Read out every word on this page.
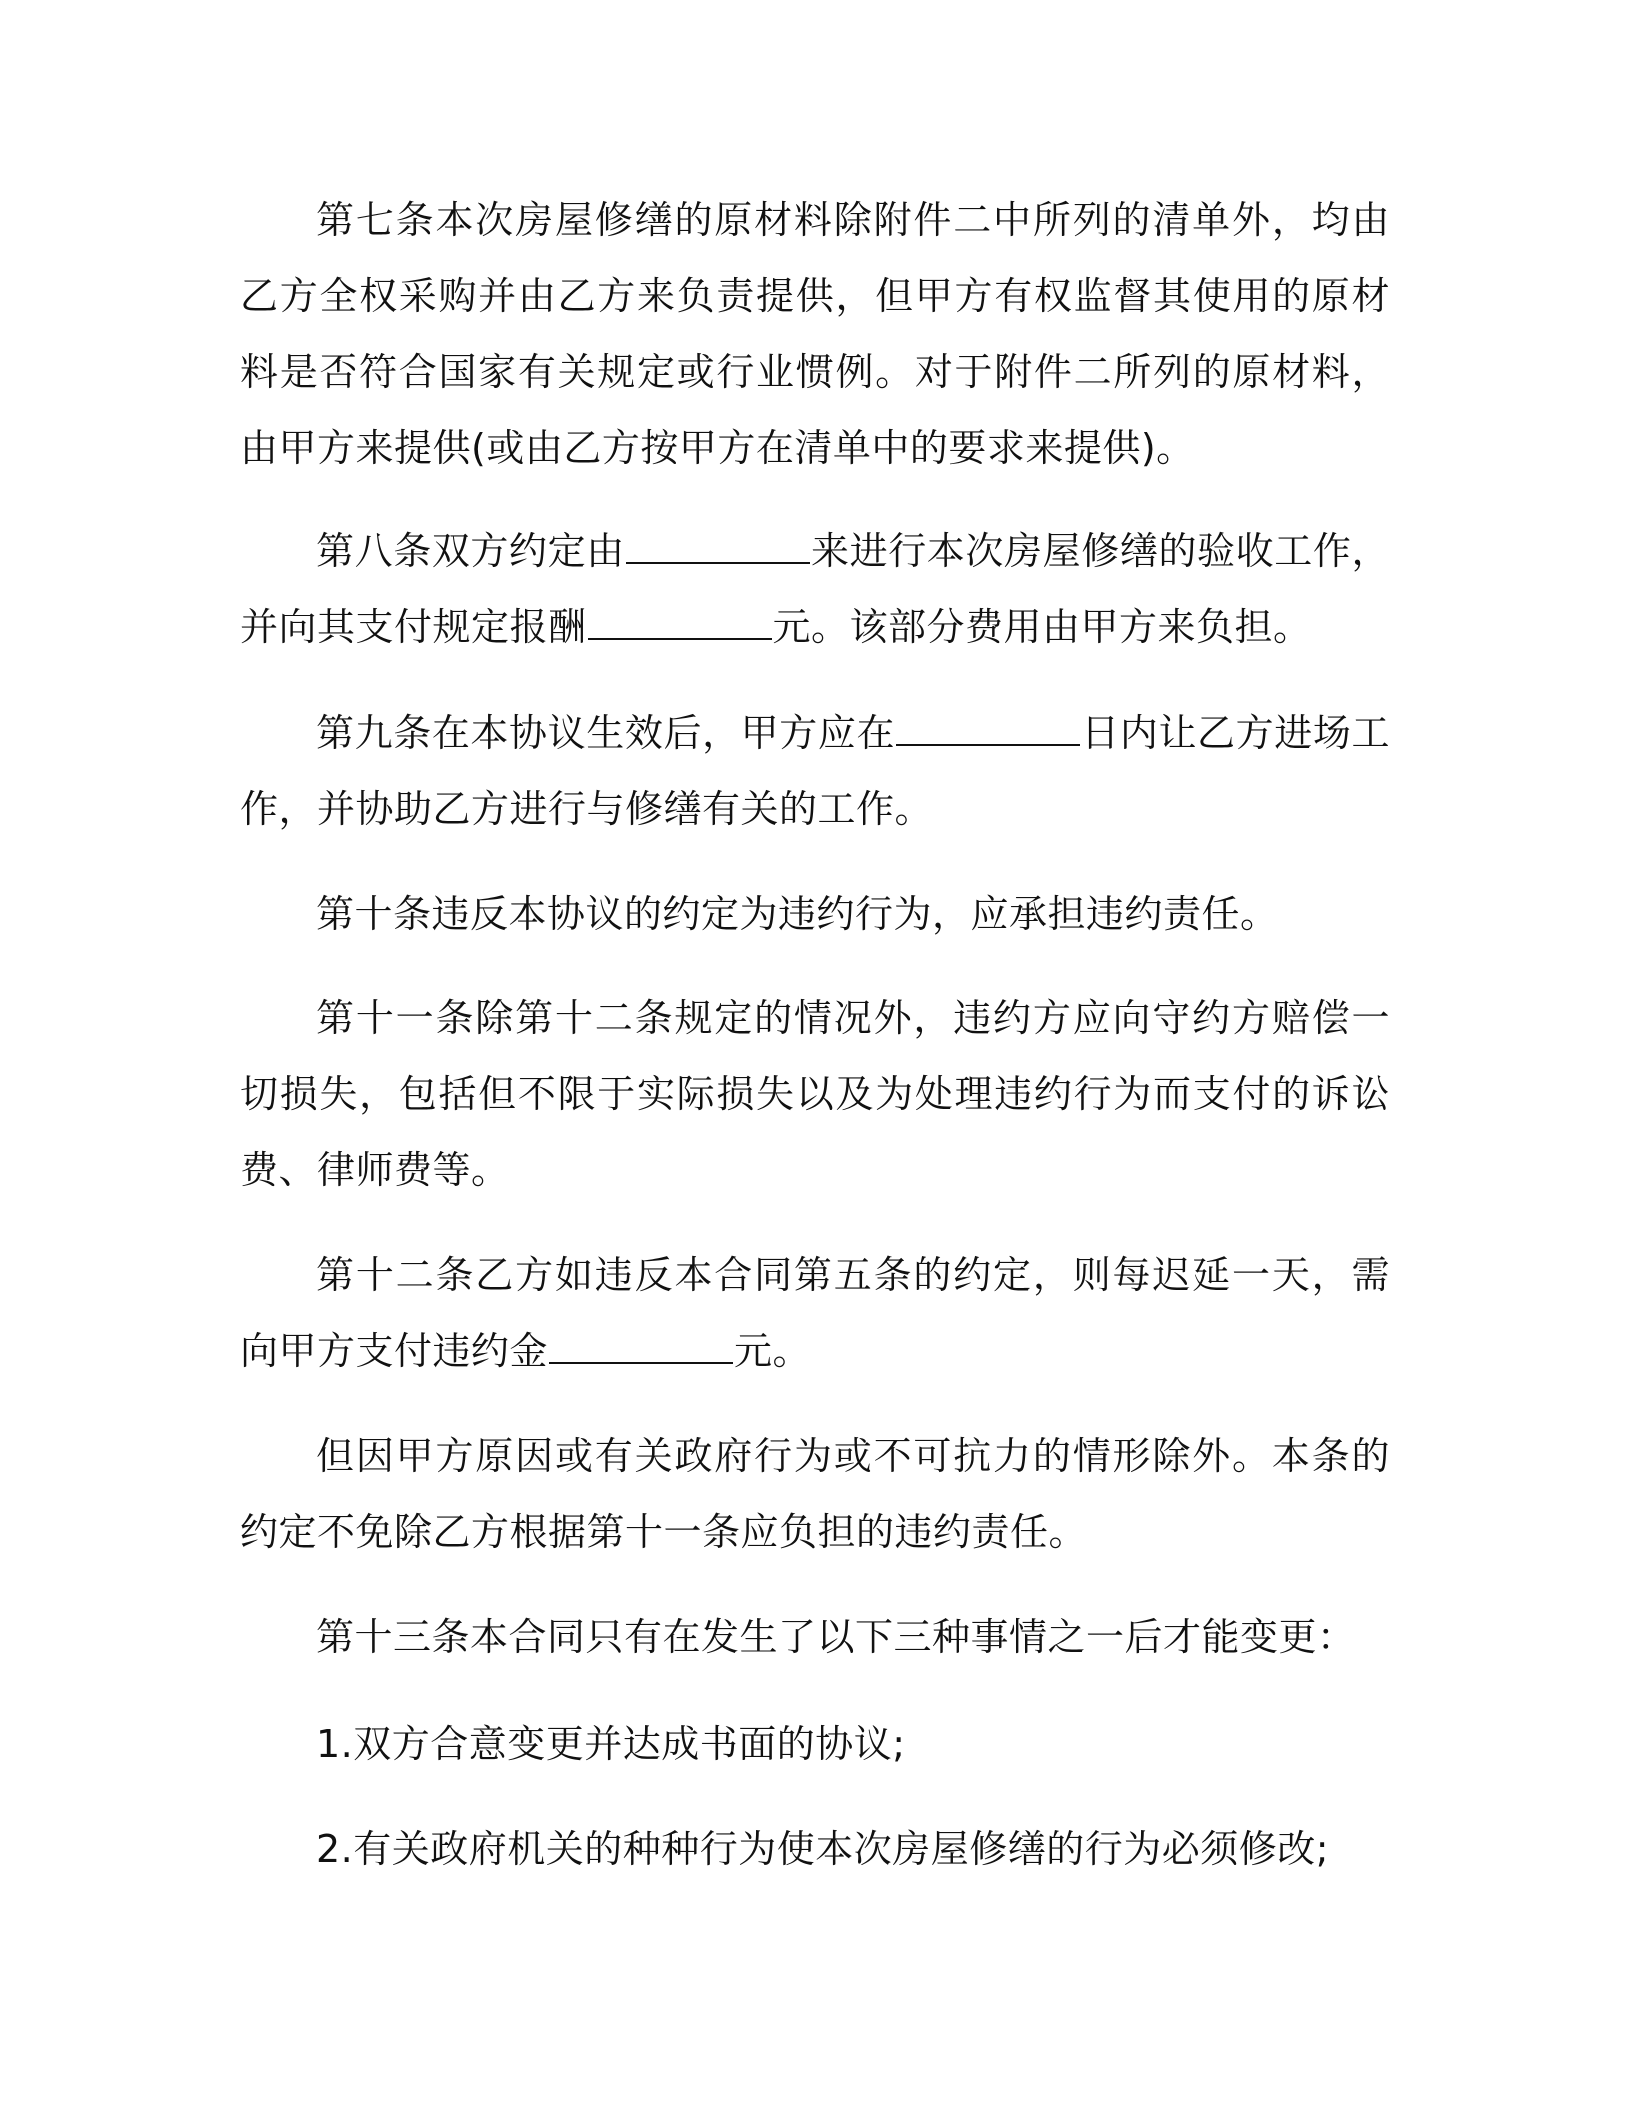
第七条本次房屋修缮的原材料除附件二中所列的清单外，均由乙方全权采购并由乙方来负责提供，但甲方有权监督其使用的原材料是否符合国家有关规定或行业惯例。对于附件二所列的原材料，由甲方来提供(或由乙方按甲方在清单中的要求来提供)。

第八条双方约定由	来进行本次房屋修缮的验收工作，并向其支付规定报酬	元。该部分费用由甲方来负担。

第九条在本协议生效后，甲方应在	日内让乙方进场工作，并协助乙方进行与修缮有关的工作。

第十条违反本协议的约定为违约行为，应承担违约责任。

第十一条除第十二条规定的情况外，违约方应向守约方赔偿一切损失，包括但不限于实际损失以及为处理违约行为而支付的诉讼费、律师费等。

第十二条乙方如违反本合同第五条的约定，则每迟延一天，需向甲方支付违约金	元。

但因甲方原因或有关政府行为或不可抗力的情形除外。本条的约定不免除乙方根据第十一条应负担的违约责任。

第十三条本合同只有在发生了以下三种事情之一后才能变更：

1.双方合意变更并达成书面的协议;

2.有关政府机关的种种行为使本次房屋修缮的行为必须修改;
